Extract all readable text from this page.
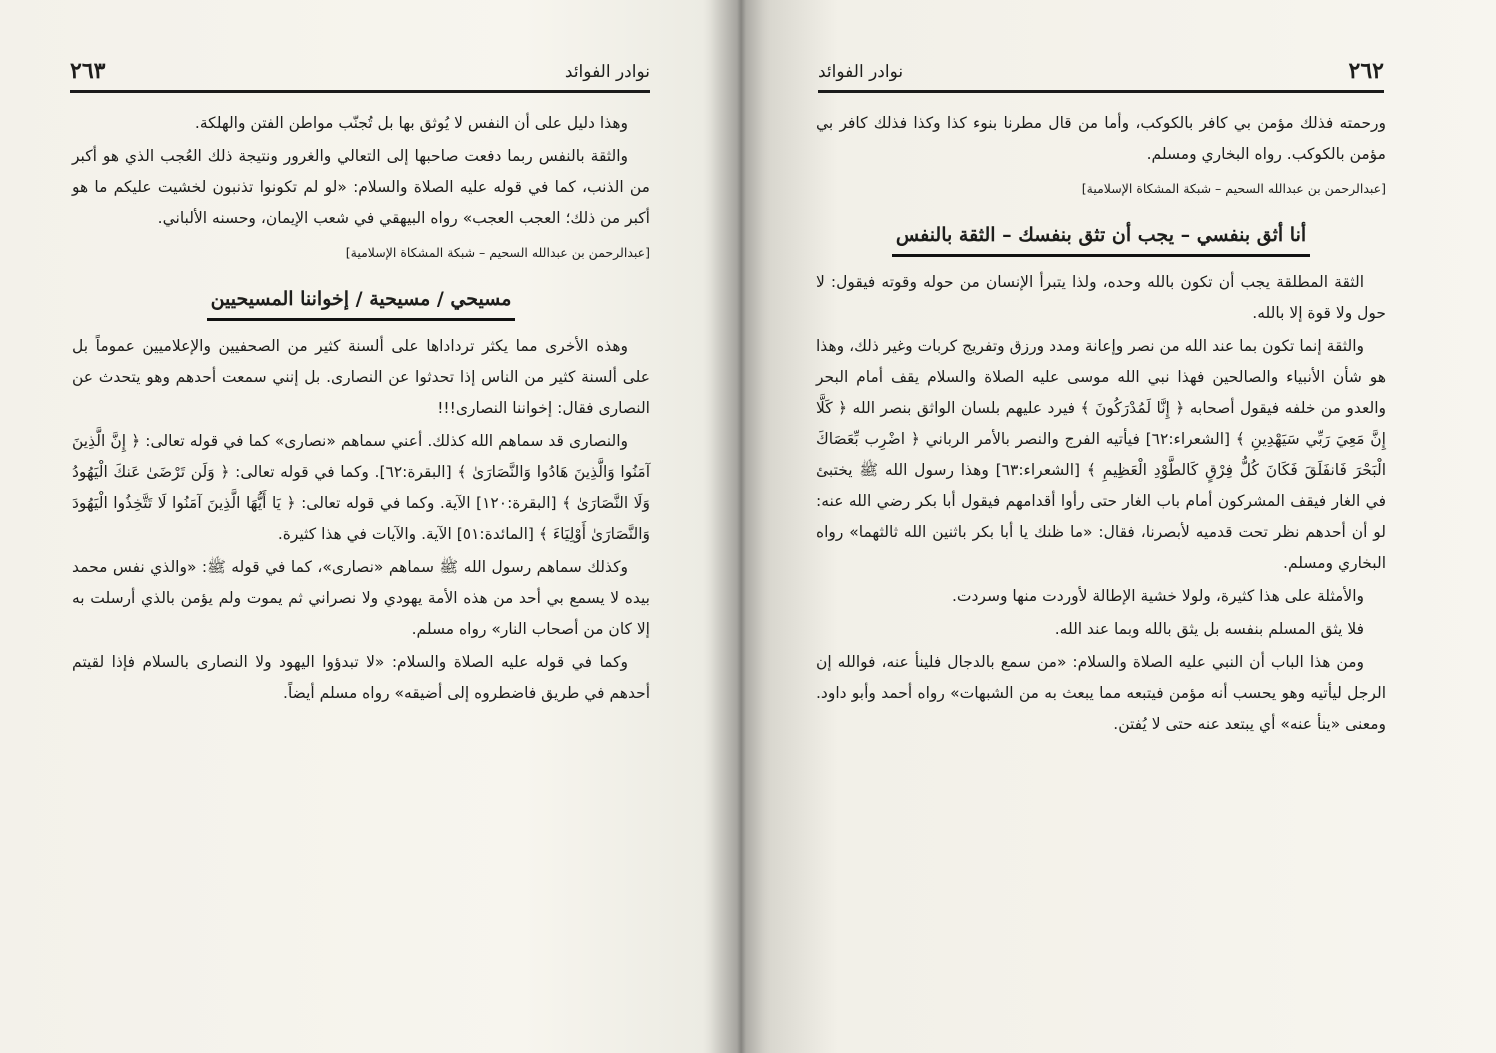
٢٦٣	نوادر الفوائد

وهذا دليل على أن النفس لا يُوثق بها بل تُجنّب مواطن الفتن والهلكة.

والثقة بالنفس ربما دفعت صاحبها إلى التعالي والغرور ونتيجة ذلك العُجب الذي هو أكبر من الذنب، كما في قوله عليه الصلاة والسلام: «لو لم تكونوا تذنبون لخشيت عليكم ما هو أكبر من ذلك؛ العجب العجب» رواه البيهقي في شعب الإيمان، وحسنه الألباني.

[عبدالرحمن بن عبدالله السحيم – شبكة المشكاة الإسلامية]

مسيحي / مسيحية / إخواننا المسيحيين

وهذه الأخرى مما يكثر ترداداها على ألسنة كثير من الصحفيين والإعلاميين عموماً بل على ألسنة كثير من الناس إذا تحدثوا عن النصارى. بل إنني سمعت أحدهم وهو يتحدث عن النصارى فقال: إخواننا النصارى!!!

والنصارى قد سماهم الله كذلك. أعني سماهم «نصارى» كما في قوله تعالى: ﴿ إِنَّ الَّذِينَ آمَنُوا وَالَّذِينَ هَادُوا وَالنَّصَارَىٰ ﴾ [البقرة:٦٢]. وكما في قوله تعالى: ﴿ وَلَن تَرْضَىٰ عَنكَ الْيَهُودُ وَلَا النَّصَارَىٰ ﴾ [البقرة:١٢٠] الآية. وكما في قوله تعالى: ﴿ يَا أَيُّهَا الَّذِينَ آمَنُوا لَا تَتَّخِذُوا الْيَهُودَ وَالنَّصَارَىٰ أَوْلِيَاءَ ﴾ [المائدة:٥١] الآية. والآيات في هذا كثيرة.

وكذلك سماهم رسول الله ﷺ سماهم «نصارى»، كما في قوله ﷺ: «والذي نفس محمد بيده لا يسمع بي أحد من هذه الأمة يهودي ولا نصراني ثم يموت ولم يؤمن بالذي أرسلت به إلا كان من أصحاب النار» رواه مسلم.

وكما في قوله عليه الصلاة والسلام: «لا تبدؤوا اليهود ولا النصارى بالسلام فإذا لقيتم أحدهم في طريق فاضطروه إلى أضيقه» رواه مسلم أيضاً.

٢٦٢
نوادر الفوائد

ورحمته فذلك مؤمن بي كافر بالكوكب، وأما من قال مطرنا بنوء كذا وكذا فذلك كافر بي مؤمن بالكوكب. رواه البخاري ومسلم.

[عبدالرحمن بن عبدالله السحيم – شبكة المشكاة الإسلامية]

أنا أثق بنفسي – يجب أن تثق بنفسك – الثقة بالنفس

الثقة المطلقة يجب أن تكون بالله وحده، ولذا يتبرأ الإنسان من حوله وقوته فيقول: لا حول ولا قوة إلا بالله.

والثقة إنما تكون بما عند الله من نصر وإعانة ومدد ورزق وتفريج كربات وغير ذلك، وهذا هو شأن الأنبياء والصالحين فهذا نبي الله موسى عليه الصلاة والسلام يقف أمام البحر والعدو من خلفه فيقول أصحابه ﴿ إِنَّا لَمُدْرَكُونَ ﴾ فيرد عليهم بلسان الواثق بنصر الله ﴿ كَلَّا إِنَّ مَعِيَ رَبِّي سَيَهْدِينِ ﴾ [الشعراء:٦٢] فيأتيه الفرج والنصر بالأمر الرباني ﴿ اضْرِب بِّعَصَاكَ الْبَحْرَ فَانفَلَقَ فَكَانَ كُلُّ فِرْقٍ كَالطَّوْدِ الْعَظِيمِ ﴾ [الشعراء:٦٣] وهذا رسول الله ﷺ يختبئ في الغار فيقف المشركون أمام باب الغار حتى رأوا أقدامهم فيقول أبا بكر رضي الله عنه: لو أن أحدهم نظر تحت قدميه لأبصرنا، فقال: «ما ظنك يا أبا بكر باثنين الله ثالثهما» رواه البخاري ومسلم.

والأمثلة على هذا كثيرة، ولولا خشية الإطالة لأوردت منها وسردت.

فلا يثق المسلم بنفسه بل يثق بالله وبما عند الله.

ومن هذا الباب أن النبي عليه الصلاة والسلام: «من سمع بالدجال فلينأ عنه، فوالله إن الرجل ليأتيه وهو يحسب أنه مؤمن فيتبعه مما يبعث به من الشبهات» رواه أحمد وأبو داود. ومعنى «ينأ عنه» أي يبتعد عنه حتى لا يُفتن.
